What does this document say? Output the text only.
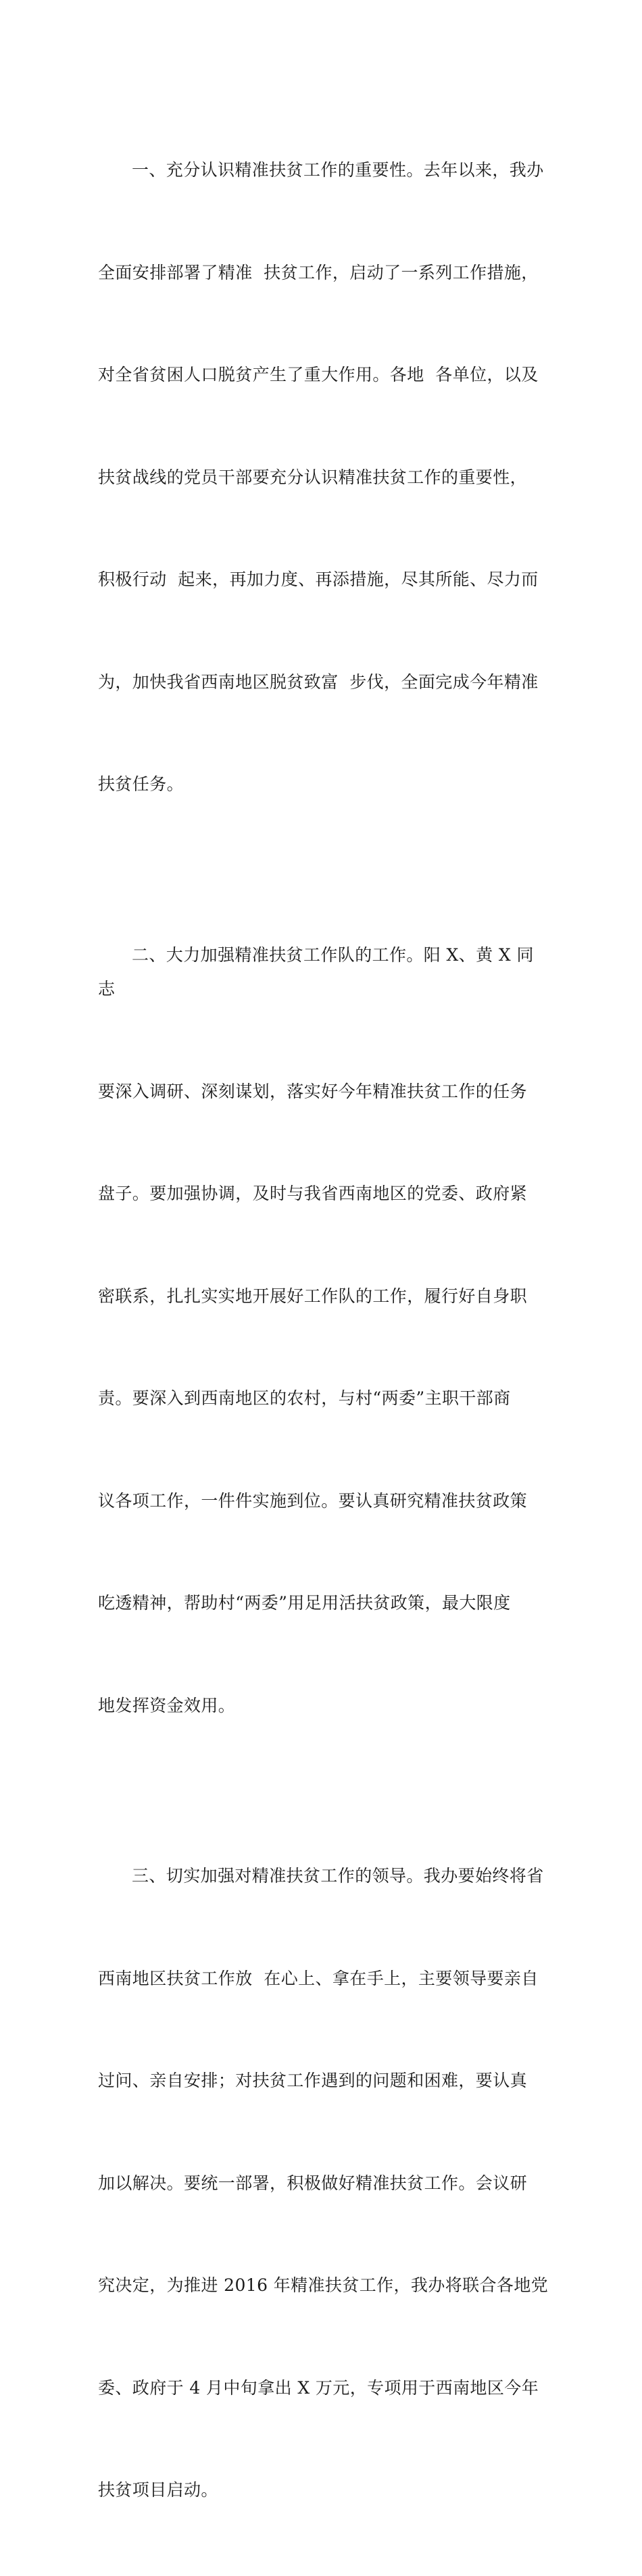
一、充分认识精准扶贫工作的重要性。去年以来，我办

全面安排部署了精准  扶贫工作，启动了一系列工作措施，

对全省贫困人口脱贫产生了重大作用。各地  各单位，以及

扶贫战线的党员干部要充分认识精准扶贫工作的重要性，

积极行动  起来，再加力度、再添措施，尽其所能、尽力而

为，加快我省西南地区脱贫致富  步伐，全面完成今年精准

扶贫任务。

二、大力加强精准扶贫工作队的工作。阳 X、黄 X 同志

要深入调研、深刻谋划，落实好今年精准扶贫工作的任务

盘子。要加强协调，及时与我省西南地区的党委、政府紧

密联系，扎扎实实地开展好工作队的工作，履行好自身职

责。要深入到西南地区的农村，与村“两委”主职干部商

议各项工作，一件件实施到位。要认真研究精准扶贫政策

吃透精神，帮助村“两委”用足用活扶贫政策，最大限度

地发挥资金效用。

三、切实加强对精准扶贫工作的领导。我办要始终将省

西南地区扶贫工作放  在心上、拿在手上，主要领导要亲自

过问、亲自安排；对扶贫工作遇到的问题和困难，要认真

加以解决。要统一部署，积极做好精准扶贫工作。会议研

究决定，为推进 2016 年精准扶贫工作，我办将联合各地党

委、政府于 4 月中旬拿出 X 万元，专项用于西南地区今年

扶贫项目启动。
